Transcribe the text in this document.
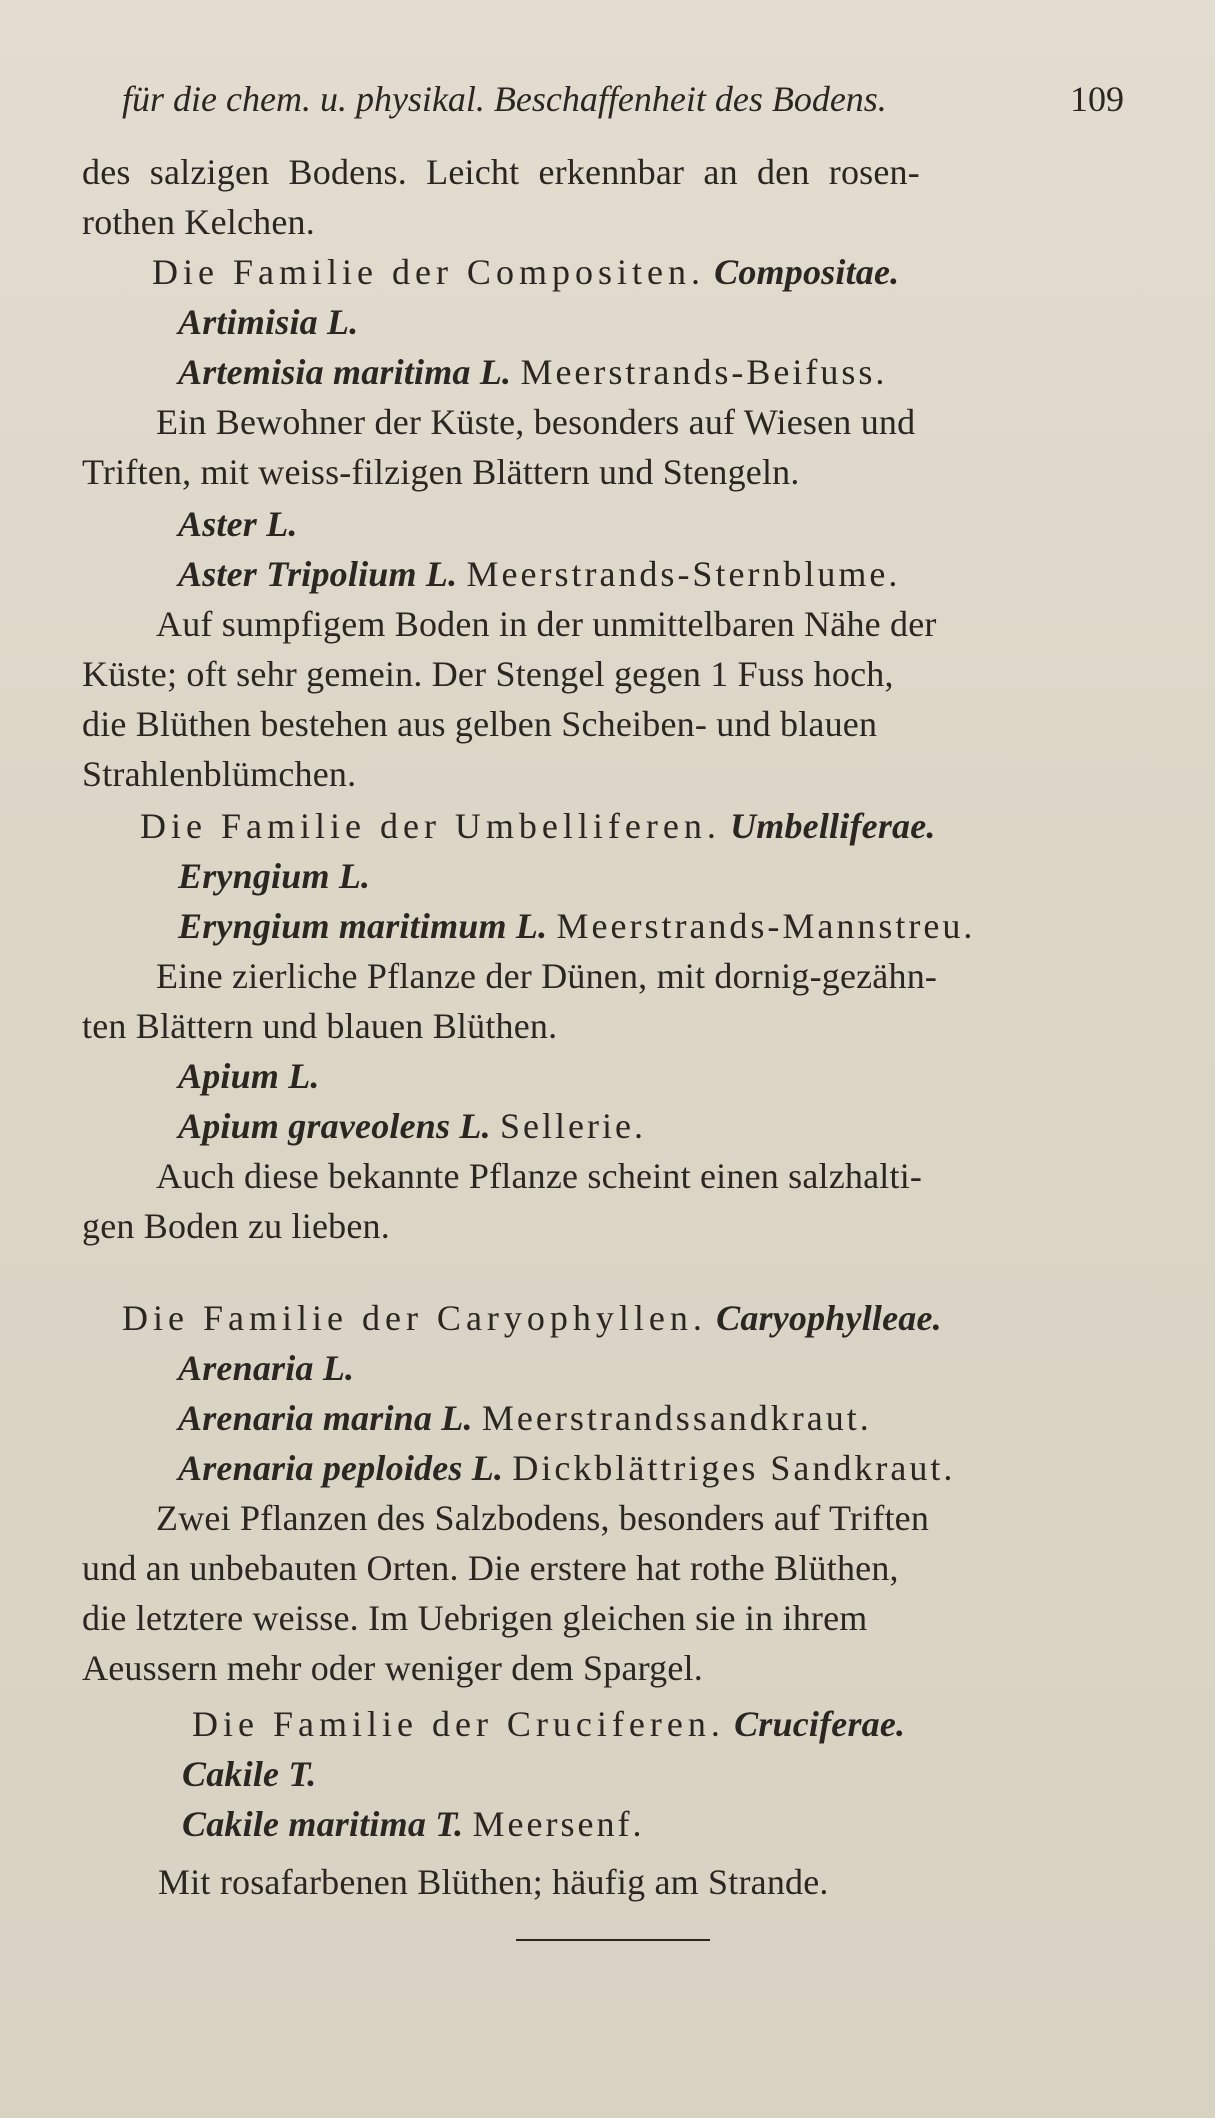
für die chem. u. physikal. Beschaffenheit des Bodens.	109
des salzigen Bodens. Leicht erkennbar an den rosen-
rothen Kelchen.
Die Familie der Compositen. Compositae.
Artimisia L.
Artemisia maritima L. Meerstrands-Beifuss.
Ein Bewohner der Küste, besonders auf Wiesen und
Triften, mit weiss-filzigen Blättern und Stengeln.
Aster L.
Aster Tripolium L. Meerstrands-Sternblume.
Auf sumpfigem Boden in der unmittelbaren Nähe der
Küste; oft sehr gemein. Der Stengel gegen 1 Fuss hoch,
die Blüthen bestehen aus gelben Scheiben- und blauen
Strahlenblümchen.
Die Familie der Umbelliferen. Umbelliferae.
Eryngium L.
Eryngium maritimum L. Meerstrands-Mannstreu.
Eine zierliche Pflanze der Dünen, mit dornig-gezähn-
ten Blättern und blauen Blüthen.
Apium L.
Apium graveolens L. Sellerie.
Auch diese bekannte Pflanze scheint einen salzhalti-
gen Boden zu lieben.
Die Familie der Caryophyllen. Caryophylleae.
Arenaria L.
Arenaria marina L. Meerstrandssandkraut.
Arenaria peploides L. Dickblättriges Sandkraut.
Zwei Pflanzen des Salzbodens, besonders auf Triften
und an unbebauten Orten. Die erstere hat rothe Blüthen,
die letztere weisse. Im Uebrigen gleichen sie in ihrem
Aeussern mehr oder weniger dem Spargel.
Die Familie der Cruciferen. Cruciferae.
Cakile T.
Cakile maritima T. Meersenf.
Mit rosafarbenen Blüthen; häufig am Strande.
